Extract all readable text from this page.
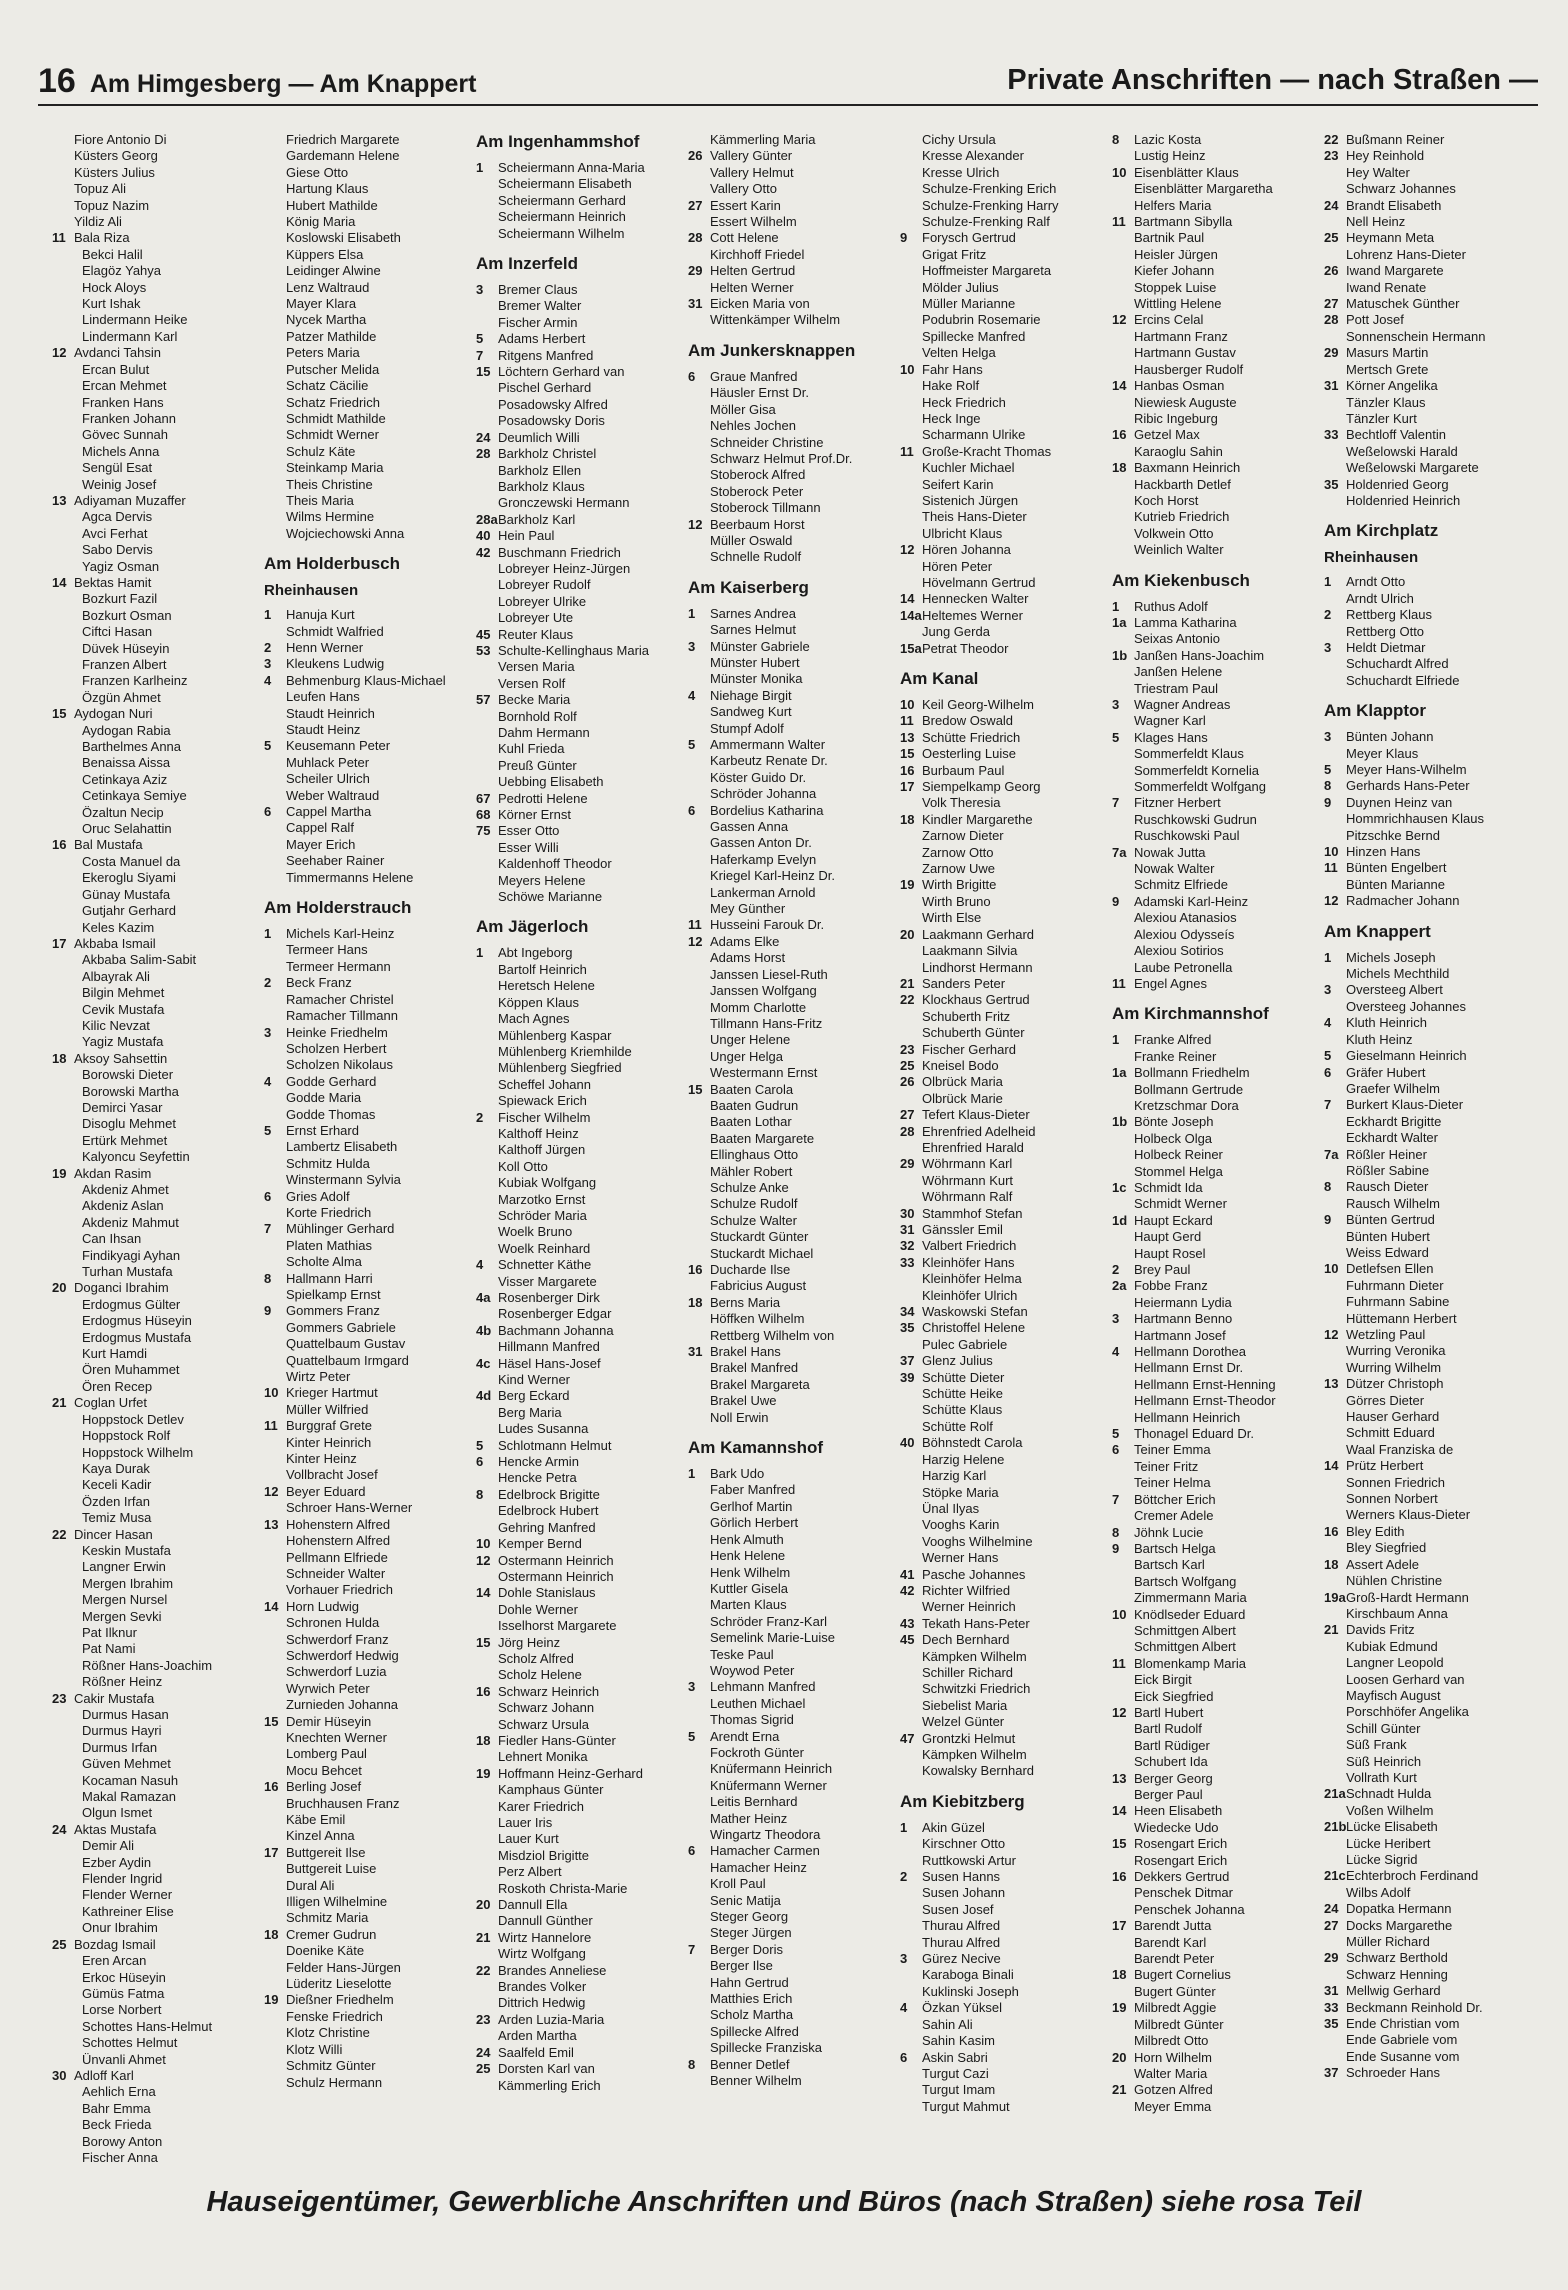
16 Am Himgesberg — Am Knappert	Private Anschriften — nach Straßen —
Fiore Antonio Di
Küsters Georg
Küsters Julius
Topuz Ali
Topuz Nazim
Yildiz Ali
11 Bala Riza
Bekci Halil
Elagöz Yahya
Hock Aloys
Kurt Ishak
Lindermann Heike
Lindermann Karl
12 Avdanci Tahsin
Ercan Bulut
Ercan Mehmet
Franken Hans
Franken Johann
Gövec Sunnah
Michels Anna
Sengül Esat
Weinig Josef
13 Adiyaman Muzaffer
Agca Dervis
Avci Ferhat
Sabo Dervis
Yagiz Osman
14 Bektas Hamit
Bozkurt Fazil
Bozkurt Osman
Ciftci Hasan
Düvek Hüseyin
Franzen Albert
Franzen Karlheinz
Özgün Ahmet
15 Aydogan Nuri
Aydogan Rabia
Barthelmes Anna
Benaissa Aissa
Cetinkaya Aziz
Cetinkaya Semiye
Özaltun Necip
Oruc Selahattin
16 Bal Mustafa
Costa Manuel da
Ekeroglu Siyami
Günay Mustafa
Gutjahr Gerhard
Keles Kazim
17 Akbaba Ismail
Akbaba Salim-Sabit
Albayrak Ali
Bilgin Mehmet
Cevik Mustafa
Kilic Nevzat
Yagiz Mustafa
18 Aksoy Sahsettin
Borowski Dieter
Borowski Martha
Demirci Yasar
Disoglu Mehmet
Ertürk Mehmet
Kalyoncu Seyfettin
19 Akdan Rasim
Akdeniz Ahmet
Akdeniz Aslan
Akdeniz Mahmut
Can Ihsan
Findikyagi Ayhan
Turhan Mustafa
20 Doganci Ibrahim
Erdogmus Gülter
Erdogmus Hüseyin
Erdogmus Mustafa
Kurt Hamdi
Ören Muhammet
Ören Recep
21 Coglan Urfet
Hoppstock Detlev
Hoppstock Rolf
Hoppstock Wilhelm
Kaya Durak
Keceli Kadir
Özden Irfan
Temiz Musa
22 Dincer Hasan
Keskin Mustafa
Langner Erwin
Mergen Ibrahim
Mergen Nursel
Mergen Sevki
Pat Ilknur
Pat Nami
Rößner Hans-Joachim
Rößner Heinz
23 Cakir Mustafa
Durmus Hasan
Durmus Hayri
Durmus Irfan
Güven Mehmet
Kocaman Nasuh
Makal Ramazan
Olgun Ismet
24 Aktas Mustafa
Demir Ali
Ezber Aydin
Flender Ingrid
Flender Werner
Kathreiner Elise
Onur Ibrahim
25 Bozdag Ismail
Eren Arcan
Erkoc Hüseyin
Gümüs Fatma
Lorse Norbert
Schottes Hans-Helmut
Schottes Helmut
Ünvanli Ahmet
30 Adloff Karl
Aehlich Erna
Bahr Emma
Beck Frieda
Borowy Anton
Fischer Anna
Friedrich Margarete
Gardemann Helene
Giese Otto
Hartung Klaus
Hubert Mathilde
König Maria
Koslowski Elisabeth
Küppers Elsa
Leidinger Alwine
Lenz Waltraud
Mayer Klara
Nycek Martha
Patzer Mathilde
Peters Maria
Putscher Melida
Schatz Cäcilie
Schatz Friedrich
Schmidt Mathilde
Schmidt Werner
Schulz Käte
Steinkamp Maria
Theis Christine
Theis Maria
Wilms Hermine
Wojciechowski Anna
Am Holderbusch
Rheinhausen
1 Hanuja Kurt
Schmidt Walfried
2 Henn Werner
3 Kleukens Ludwig
4 Behmenburg Klaus-Michael
Leufen Hans
Staudt Heinrich
Staudt Heinz
5 Keusemann Peter
Muhlack Peter
Scheiler Ulrich
Weber Waltraud
6 Cappel Martha
Cappel Ralf
Mayer Erich
Seehaber Rainer
Timmermanns Helene
Am Holderstrauch
1 Michels Karl-Heinz
Termeer Hans
Termeer Hermann
2 Beck Franz
Ramacher Christel
Ramacher Tillmann
3 Heinke Friedhelm
Scholzen Herbert
Scholzen Nikolaus
4 Godde Gerhard
Godde Maria
Godde Thomas
5 Ernst Erhard
Lambertz Elisabeth
Schmitz Hulda
Winstermann Sylvia
6 Gries Adolf
Korte Friedrich
7 Mühlinger Gerhard
Platen Mathias
Scholte Alma
8 Hallmann Harri
Spielkamp Ernst
9 Gommers Franz
Gommers Gabriele
Quattelbaum Gustav
Quattelbaum Irmgard
Wirtz Peter
10 Krieger Hartmut
Müller Wilfried
11 Burggraf Grete
Kinter Heinrich
Kinter Heinz
Vollbracht Josef
12 Beyer Eduard
Schroer Hans-Werner
13 Hohenstern Alfred
Hohenstern Alfred
Pellmann Elfriede
Schneider Walter
Vorhauer Friedrich
14 Horn Ludwig
Schronen Hulda
Schwerdorf Franz
Schwerdorf Hedwig
Schwerdorf Luzia
Wyrwich Peter
Zurnieden Johanna
15 Demir Hüseyin
Knechten Werner
Lomberg Paul
Mocu Behcet
16 Berling Josef
Bruchhausen Franz
Käbe Emil
Kinzel Anna
17 Buttgereit Ilse
Buttgereit Luise
Dural Ali
Illigen Wilhelmine
Schmitz Maria
18 Cremer Gudrun
Doenike Käte
Felder Hans-Jürgen
Lüderitz Lieselotte
19 Dießner Friedhelm
Fenske Friedrich
Klotz Christine
Klotz Willi
Schmitz Günter
Schulz Hermann
Am Ingenhammshof
1 Scheiermann Anna-Maria
Scheiermann Elisabeth
Scheiermann Gerhard
Scheiermann Heinrich
Scheiermann Wilhelm
Am Inzerfeld
3 Bremer Claus
Bremer Walter
Fischer Armin
5 Adams Herbert
7 Ritgens Manfred
15 Löchtern Gerhard van
Pischel Gerhard
Posadowsky Alfred
Posadowsky Doris
24 Deumlich Willi
28 Barkholz Christel
Barkholz Ellen
Barkholz Klaus
Gronczewski Hermann
28a Barkholz Karl
40 Hein Paul
42 Buschmann Friedrich
Lobreyer Heinz-Jürgen
Lobreyer Rudolf
Lobreyer Ulrike
Lobreyer Ute
45 Reuter Klaus
53 Schulte-Kellinghaus Maria
Versen Maria
Versen Rolf
57 Becke Maria
Bornhold Rolf
Dahm Hermann
Kuhl Frieda
Preuß Günter
Uebbing Elisabeth
67 Pedrotti Helene
68 Körner Ernst
75 Esser Otto
Esser Willi
Kaldenhoff Theodor
Meyers Helene
Schöwe Marianne
Am Jägerloch
1 Abt Ingeborg
Bartolf Heinrich
Heretsch Helene
Köppen Klaus
Mach Agnes
Mühlenberg Kaspar
Mühlenberg Kriemhilde
Mühlenberg Siegfried
Scheffel Johann
Spiewack Erich
2 Fischer Wilhelm
Kalthoff Heinz
Kalthoff Jürgen
Koll Otto
Kubiak Wolfgang
Marzotko Ernst
Schröder Maria
Woelk Bruno
Woelk Reinhard
4 Schnetter Käthe
Visser Margarete
4a Rosenberger Dirk
Rosenberger Edgar
4b Bachmann Johanna
Hillmann Manfred
4c Häsel Hans-Josef
Kind Werner
4d Berg Eckard
Berg Maria
Ludes Susanna
5 Schlotmann Helmut
6 Hencke Armin
Hencke Petra
8 Edelbrock Brigitte
Edelbrock Hubert
Gehring Manfred
10 Kemper Bernd
12 Ostermann Heinrich
Ostermann Heinrich
14 Dohle Stanislaus
Dohle Werner
Isselhorst Margarete
15 Jörg Heinz
Scholz Alfred
Scholz Helene
16 Schwarz Heinrich
Schwarz Johann
Schwarz Ursula
18 Fiedler Hans-Günter
Lehnert Monika
19 Hoffmann Heinz-Gerhard
Kamphaus Günter
Karer Friedrich
Lauer Iris
Lauer Kurt
Misdziol Brigitte
Perz Albert
Roskoth Christa-Marie
20 Dannull Ella
Dannull Günther
21 Wirtz Hannelore
Wirtz Wolfgang
22 Brandes Anneliese
Brandes Volker
Dittrich Hedwig
23 Arden Luzia-Maria
Arden Martha
24 Saalfeld Emil
25 Dorsten Karl van
Kämmerling Erich
Kämmerling Maria
26 Vallery Günter
Vallery Helmut
Vallery Otto
27 Essert Karin
Essert Wilhelm
28 Cott Helene
Kirchhoff Friedel
29 Helten Gertrud
Helten Werner
31 Eicken Maria von
Wittenkämper Wilhelm
Am Junkersknappen
6 Graue Manfred
Häusler Ernst Dr.
Möller Gisa
Nehles Jochen
Schneider Christine
Schwarz Helmut Prof.Dr.
Stoberock Alfred
Stoberock Peter
Stoberock Tillmann
12 Beerbaum Horst
Müller Oswald
Schnelle Rudolf
Am Kaiserberg
1 Sarnes Andrea
Sarnes Helmut
3 Münster Gabriele
Münster Hubert
Münster Monika
4 Niehage Birgit
Sandweg Kurt
Stumpf Adolf
5 Ammermann Walter
Karbeutz Renate Dr.
Köster Guido Dr.
Schröder Johanna
6 Bordelius Katharina
Gassen Anna
Gassen Anton Dr.
Haferkamp Evelyn
Kriegel Karl-Heinz Dr.
Lankerman Arnold
Mey Günther
11 Husseini Farouk Dr.
12 Adams Elke
Adams Horst
Janssen Liesel-Ruth
Janssen Wolfgang
Momm Charlotte
Tillmann Hans-Fritz
Unger Helene
Unger Helga
Westermann Ernst
15 Baaten Carola
Baaten Gudrun
Baaten Lothar
Baaten Margarete
Ellinghaus Otto
Mähler Robert
Schulze Anke
Schulze Rudolf
Schulze Walter
Stuckardt Günter
Stuckardt Michael
16 Ducharde Ilse
Fabricius August
18 Berns Maria
Höffken Wilhelm
Rettberg Wilhelm von
31 Brakel Hans
Brakel Manfred
Brakel Margareta
Brakel Uwe
Noll Erwin
Am Kamannshof
1 Bark Udo
Faber Manfred
Gerlhof Martin
Görlich Herbert
Henk Almuth
Henk Helene
Henk Wilhelm
Kuttler Gisela
Marten Klaus
Schröder Franz-Karl
Semelink Marie-Luise
Teske Paul
Woywod Peter
3 Lehmann Manfred
Leuthen Michael
Thomas Sigrid
5 Arendt Erna
Fockroth Günter
Knüfermann Heinrich
Knüfermann Werner
Leitis Bernhard
Mather Heinz
Wingartz Theodora
6 Hamacher Carmen
Hamacher Heinz
Kroll Paul
Senic Matija
Steger Georg
Steger Jürgen
7 Berger Doris
Berger Ilse
Hahn Gertrud
Matthies Erich
Scholz Martha
Spillecke Alfred
Spillecke Franziska
8 Benner Detlef
Benner Wilhelm
Cichy Ursula
Kresse Alexander
Kresse Ulrich
Schulze-Frenking Erich
Schulze-Frenking Harry
Schulze-Frenking Ralf
9 Forysch Gertrud
Grigat Fritz
Hoffmeister Margareta
Mölder Julius
Müller Marianne
Podubrin Rosemarie
Spillecke Manfred
Velten Helga
10 Fahr Hans
Hake Rolf
Heck Friedrich
Heck Inge
Scharmann Ulrike
11 Große-Kracht Thomas
Kuchler Michael
Seifert Karin
Sistenich Jürgen
Theis Hans-Dieter
Ulbricht Klaus
12 Hören Johanna
Hören Peter
Hövelmann Gertrud
14 Hennecken Walter
14a Heltemes Werner
Jung Gerda
15a Petrat Theodor
Am Kanal
10 Keil Georg-Wilhelm
11 Bredow Oswald
13 Schütte Friedrich
15 Oesterling Luise
16 Burbaum Paul
17 Siempelkamp Georg
Volk Theresia
18 Kindler Margarethe
Zarnow Dieter
Zarnow Otto
Zarnow Uwe
19 Wirth Brigitte
Wirth Bruno
Wirth Else
20 Laakmann Gerhard
Laakmann Silvia
Lindhorst Hermann
21 Sanders Peter
22 Klockhaus Gertrud
Schuberth Fritz
Schuberth Günter
23 Fischer Gerhard
25 Kneisel Bodo
26 Olbrück Maria
Olbrück Marie
27 Tefert Klaus-Dieter
28 Ehrenfried Adelheid
Ehrenfried Harald
29 Wöhrmann Karl
Wöhrmann Kurt
Wöhrmann Ralf
30 Stammhof Stefan
31 Gänssler Emil
32 Valbert Friedrich
33 Kleinhöfer Hans
Kleinhöfer Helma
Kleinhöfer Ulrich
34 Waskowski Stefan
35 Christoffel Helene
Pulec Gabriele
37 Glenz Julius
39 Schütte Dieter
Schütte Heike
Schütte Klaus
Schütte Rolf
40 Böhnstedt Carola
Harzig Helene
Harzig Karl
Stöpke Maria
Ünal Ilyas
Vooghs Karin
Vooghs Wilhelmine
Werner Hans
41 Pasche Johannes
42 Richter Wilfried
Werner Heinrich
43 Tekath Hans-Peter
45 Dech Bernhard
Kämpken Wilhelm
Schiller Richard
Schwitzki Friedrich
Siebelist Maria
Welzel Günter
47 Grontzki Helmut
Kämpken Wilhelm
Kowalsky Bernhard
Am Kiebitzberg
1 Akin Güzel
Kirschner Otto
Ruttkowski Artur
2 Susen Hanns
Susen Johann
Susen Josef
Thurau Alfred
Thurau Alfred
3 Gürez Necive
Karaboga Binali
Kuklinski Joseph
4 Özkan Yüksel
Sahin Ali
Sahin Kasim
6 Askin Sabri
Turgut Cazi
Turgut Imam
Turgut Mahmut
8 Lazic Kosta
Lustig Heinz
10 Eisenblätter Klaus
Eisenblätter Margaretha
Helfers Maria
11 Bartmann Sibylla
Bartnik Paul
Heisler Jürgen
Kiefer Johann
Stoppek Luise
Wittling Helene
12 Ercins Celal
Hartmann Franz
Hartmann Gustav
Hausberger Rudolf
14 Hanbas Osman
Niewiesk Auguste
Ribic Ingeburg
16 Getzel Max
Karaoglu Sahin
18 Baxmann Heinrich
Hackbarth Detlef
Koch Horst
Kutrieb Friedrich
Volkwein Otto
Weinlich Walter
Am Kiekenbusch
1 Ruthus Adolf
1a Lamma Katharina
Seixas Antonio
1b Janßen Hans-Joachim
Janßen Helene
Triestram Paul
3 Wagner Andreas
Wagner Karl
5 Klages Hans
Sommerfeldt Klaus
Sommerfeldt Kornelia
Sommerfeldt Wolfgang
7 Fitzner Herbert
Ruschkowski Gudrun
Ruschkowski Paul
7a Nowak Jutta
Nowak Walter
Schmitz Elfriede
9 Adamski Karl-Heinz
Alexiou Atanasios
Alexiou Odysseís
Alexiou Sotirios
Laube Petronella
11 Engel Agnes
Am Kirchmannshof
1 Franke Alfred
Franke Reiner
1a Bollmann Friedhelm
Bollmann Gertrude
Kretzschmar Dora
1b Bönte Joseph
Holbeck Olga
Holbeck Reiner
Stommel Helga
1c Schmidt Ida
Schmidt Werner
1d Haupt Eckard
Haupt Gerd
Haupt Rosel
2 Brey Paul
2a Fobbe Franz
Heiermann Lydia
3 Hartmann Benno
Hartmann Josef
4 Hellmann Dorothea
Hellmann Ernst Dr.
Hellmann Ernst-Henning
Hellmann Ernst-Theodor
Hellmann Heinrich
5 Thonagel Eduard Dr.
6 Teiner Emma
Teiner Fritz
Teiner Helma
7 Böttcher Erich
Cremer Adele
8 Jöhnk Lucie
9 Bartsch Helga
Bartsch Karl
Bartsch Wolfgang
Zimmermann Maria
10 Knödlseder Eduard
Schmittgen Albert
Schmittgen Albert
11 Blomenkamp Maria
Eick Birgit
Eick Siegfried
12 Bartl Hubert
Bartl Rudolf
Bartl Rüdiger
Schubert Ida
13 Berger Georg
Berger Paul
14 Heen Elisabeth
Wiedecke Udo
15 Rosengart Erich
Rosengart Erich
16 Dekkers Gertrud
Penschek Ditmar
Penschek Johanna
17 Barendt Jutta
Barendt Karl
Barendt Peter
18 Bugert Cornelius
Bugert Günter
19 Milbredt Aggie
Milbredt Günter
Milbredt Otto
20 Horn Wilhelm
Walter Maria
21 Gotzen Alfred
Meyer Emma
22 Bußmann Reiner
23 Hey Reinhold
Hey Walter
Schwarz Johannes
24 Brandt Elisabeth
Nell Heinz
25 Heymann Meta
Lohrenz Hans-Dieter
26 Iwand Margarete
Iwand Renate
27 Matuschek Günther
28 Pott Josef
Sonnenschein Hermann
29 Masurs Martin
Mertsch Grete
31 Körner Angelika
Tänzler Klaus
Tänzler Kurt
33 Bechtloff Valentin
Weßelowski Harald
Weßelowski Margarete
35 Holdenried Georg
Holdenried Heinrich
Am Kirchplatz
Rheinhausen
1 Arndt Otto
Arndt Ulrich
2 Rettberg Klaus
Rettberg Otto
3 Heldt Dietmar
Schuchardt Alfred
Schuchardt Elfriede
Am Klapptor
3 Bünten Johann
Meyer Klaus
5 Meyer Hans-Wilhelm
8 Gerhards Hans-Peter
9 Duynen Heinz van
Hommrichhausen Klaus
Pitzschke Bernd
10 Hinzen Hans
11 Bünten Engelbert
Bünten Marianne
12 Radmacher Johann
Am Knappert
1 Michels Joseph
Michels Mechthild
3 Oversteeg Albert
Oversteeg Johannes
4 Kluth Heinrich
Kluth Heinz
5 Gieselmann Heinrich
6 Gräfer Hubert
Graefer Wilhelm
7 Burkert Klaus-Dieter
Eckhardt Brigitte
Eckhardt Walter
7a Rößler Heiner
Rößler Sabine
8 Rausch Dieter
Rausch Wilhelm
9 Bünten Gertrud
Bünten Hubert
Weiss Edward
10 Detlefsen Ellen
Fuhrmann Dieter
Fuhrmann Sabine
Hüttemann Herbert
12 Wetzling Paul
Wurring Veronika
Wurring Wilhelm
13 Dützer Christoph
Görres Dieter
Hauser Gerhard
Schmitt Eduard
Waal Franziska de
14 Prütz Herbert
Sonnen Friedrich
Sonnen Norbert
Werners Klaus-Dieter
16 Bley Edith
Bley Siegfried
18 Assert Adele
Nühlen Christine
19a Groß-Hardt Hermann
Kirschbaum Anna
21 Davids Fritz
Kubiak Edmund
Langner Leopold
Loosen Gerhard van
Mayfisch August
Porschhöfer Angelika
Schill Günter
Süß Frank
Süß Heinrich
Vollrath Kurt
21a Schnadt Hulda
Voßen Wilhelm
21b Lücke Elisabeth
Lücke Heribert
Lücke Sigrid
21c Echterbroch Ferdinand
Wilbs Adolf
24 Dopatka Hermann
27 Docks Margarethe
Müller Richard
29 Schwarz Berthold
Schwarz Henning
31 Mellwig Gerhard
33 Beckmann Reinhold Dr.
35 Ende Christian vom
Ende Gabriele vom
Ende Susanne vom
37 Schroeder Hans
Hauseigentümer, Gewerbliche Anschriften und Büros (nach Straßen) siehe rosa Teil
